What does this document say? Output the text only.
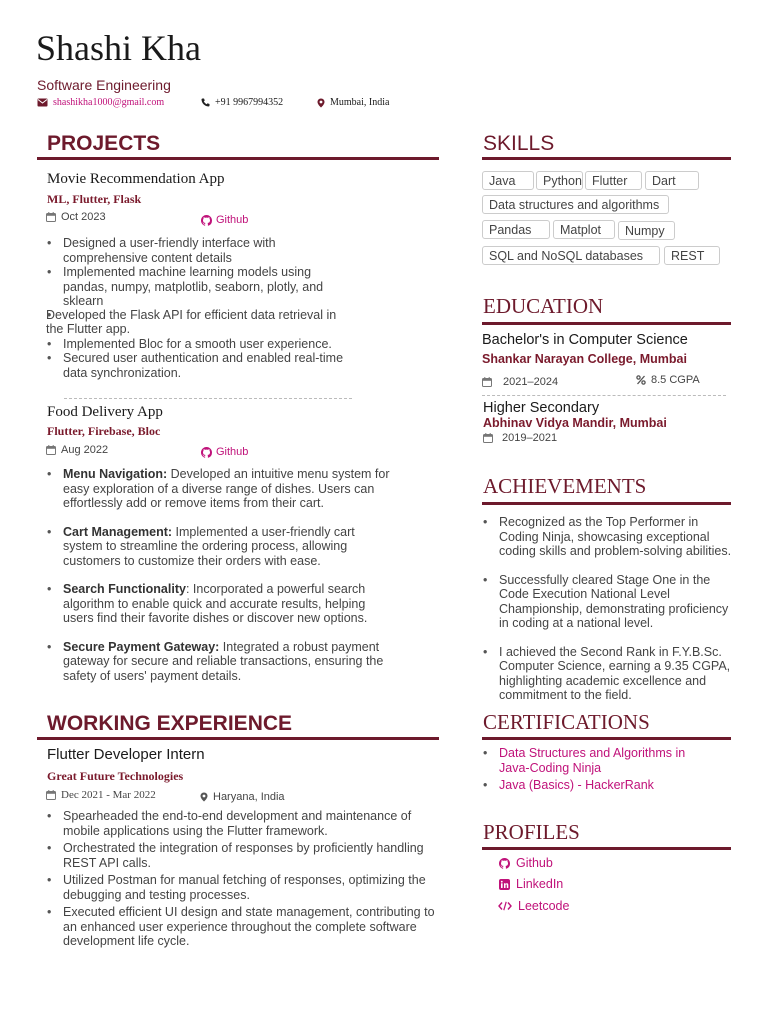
Shashi Kha
Software Engineering
shashikha1000@gmail.com	+91 9967994352	Mumbai, India
PROJECTS
Movie Recommendation App
ML, Flutter, Flask
Oct 2023	Github
• Designed a user-friendly interface with comprehensive content details
• Implemented machine learning models using pandas, numpy, matplotlib, seaborn, plotly, and sklearn
• Developed the Flask API for efficient data retrieval in the Flutter app.
• Implemented Bloc for a smooth user experience.
• Secured user authentication and enabled real-time data synchronization.
Food Delivery App
Flutter, Firebase, Bloc
Aug 2022	Github
• Menu Navigation: Developed an intuitive menu system for easy exploration of a diverse range of dishes. Users can effortlessly add or remove items from their cart.
• Cart Management: Implemented a user-friendly cart system to streamline the ordering process, allowing customers to customize their orders with ease.
• Search Functionality: Incorporated a powerful search algorithm to enable quick and accurate results, helping users find their favorite dishes or discover new options.
• Secure Payment Gateway: Integrated a robust payment gateway for secure and reliable transactions, ensuring the safety of users' payment details.
WORKING EXPERIENCE
Flutter Developer Intern
Great Future Technologies
Dec 2021 - Mar 2022	Haryana, India
• Spearheaded the end-to-end development and maintenance of mobile applications using the Flutter framework.
• Orchestrated the integration of responses by proficiently handling REST API calls.
• Utilized Postman for manual fetching of responses, optimizing the debugging and testing processes.
• Executed efficient UI design and state management, contributing to an enhanced user experience throughout the complete software development life cycle.
SKILLS
Java	Python Flutter	Dart
Data structures and algorithms
Pandas	Matplot	Numpy
SQL and NoSQL databases	REST
EDUCATION
Bachelor's in Computer Science
Shankar Narayan College, Mumbai
2021–2024	8.5 CGPA
Higher Secondary
Abhinav Vidya Mandir, Mumbai
2019–2021
ACHIEVEMENTS
• Recognized as the Top Performer in Coding Ninja, showcasing exceptional coding skills and problem-solving abilities.
• Successfully cleared Stage One in the Code Execution National Level Championship, demonstrating proficiency in coding at a national level.
• I achieved the Second Rank in F.Y.B.Sc. Computer Science, earning a 9.35 CGPA, highlighting academic excellence and commitment to the field.
CERTIFICATIONS
• Data Structures and Algorithms in Java-Coding Ninja
• Java (Basics) - HackerRank
PROFILES
Github
LinkedIn
Leetcode
